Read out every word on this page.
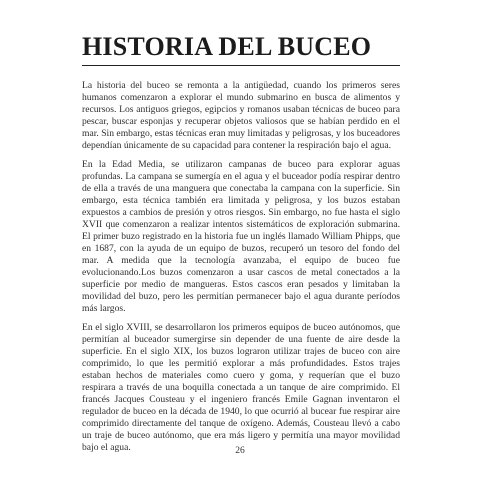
HISTORIA DEL BUCEO

La historia del buceo se remonta a la antigüedad, cuando los primeros seres humanos comenzaron a explorar el mundo submarino en busca de alimentos y recursos. Los antiguos griegos, egipcios y romanos usaban técnicas de buceo para pescar, buscar esponjas y recuperar objetos valiosos que se habían perdido en el mar. Sin embargo, estas técnicas eran muy limitadas y peligrosas, y los buceadores dependían únicamente de su capacidad para contener la respiración bajo el agua.

En la Edad Media, se utilizaron campanas de buceo para explorar aguas profundas. La campana se sumergía en el agua y el buceador podía respirar dentro de ella a través de una manguera que conectaba la campana con la superficie. Sin embargo, esta técnica también era limitada y peligrosa, y los buzos estaban expuestos a cambios de presión y otros riesgos. Sin embargo, no fue hasta el siglo XVII que comenzaron a realizar intentos sistemáticos de exploración submarina. El primer buzo registrado en la historia fue un inglés llamado William Phipps, que en 1687, con la ayuda de un equipo de buzos, recuperó un tesoro del fondo del mar. A medida que la tecnología avanzaba, el equipo de buceo fue evolucionando.Los buzos comenzaron a usar cascos de metal conectados a la superficie por medio de mangueras. Estos cascos eran pesados y limitaban la movilidad del buzo, pero les permitían permanecer bajo el agua durante períodos más largos.

En el siglo XVIII, se desarrollaron los primeros equipos de buceo autónomos, que permitían al buceador sumergirse sin depender de una fuente de aire desde la superficie. En el siglo XIX, los buzos lograron utilizar trajes de buceo con aire comprimido, lo que les permitió explorar a más profundidades. Estos trajes estaban hechos de materiales como cuero y goma, y requerían que el buzo respirara a través de una boquilla conectada a un tanque de aire comprimido. El francés Jacques Cousteau y el ingeniero francés Emile Gagnan inventaron el regulador de buceo en la década de 1940, lo que ocurrió al bucear fue respirar aire comprimido directamente del tanque de oxígeno. Además, Cousteau llevó a cabo un traje de buceo autónomo, que era más ligero y permitía una mayor movilidad bajo el agua.	26
